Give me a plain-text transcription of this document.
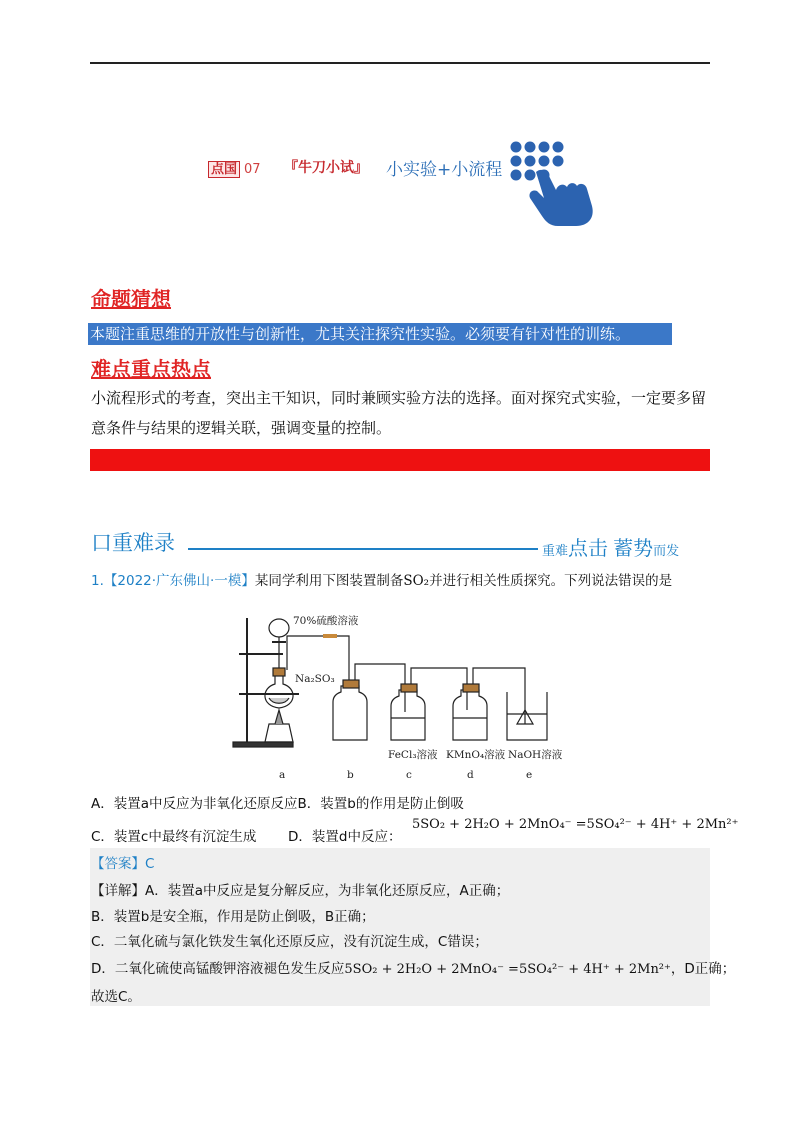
点国 07 『牛刀小试』 小实验+小流程
命题猜想
本题注重思维的开放性与创新性，尤其关注探究性实验。必须要有针对性的训练。
难点重点热点
小流程形式的考查，突出主干知识，同时兼顾实验方法的选择。面对探究式实验，一定要多留意条件与结果的逻辑关联，强调变量的控制。
口重难录	重难点击 蓄势而发
1.【2022·广东佛山·一模】某同学利用下图装置制备SO₂并进行相关性质探究。下列说法错误的是
70%硫酸溶液
Na₂SO₃
FeCl₃溶液 KMnO₄溶液 NaOH溶液
a	b	c	d	e
A．装置a中反应为非氧化还原反应B．装置b的作用是防止倒吸
C．装置c中最终有沉淀生成 D．装置d中反应：
5SO₂ + 2H₂O + 2MnO₄⁻ =5SO₄²⁻ + 4H⁺ + 2Mn²⁺
【答案】C
【详解】A．装置a中反应是复分解反应，为非氧化还原反应，A正确；
B．装置b是安全瓶，作用是防止倒吸，B正确；
C．二氧化硫与氯化铁发生氧化还原反应，没有沉淀生成，C错误；
D．二氧化硫使高锰酸钾溶液褪色发生反应5SO₂ + 2H₂O + 2MnO₄⁻ =5SO₄²⁻ + 4H⁺ + 2Mn²⁺，D正确；
故选C。
